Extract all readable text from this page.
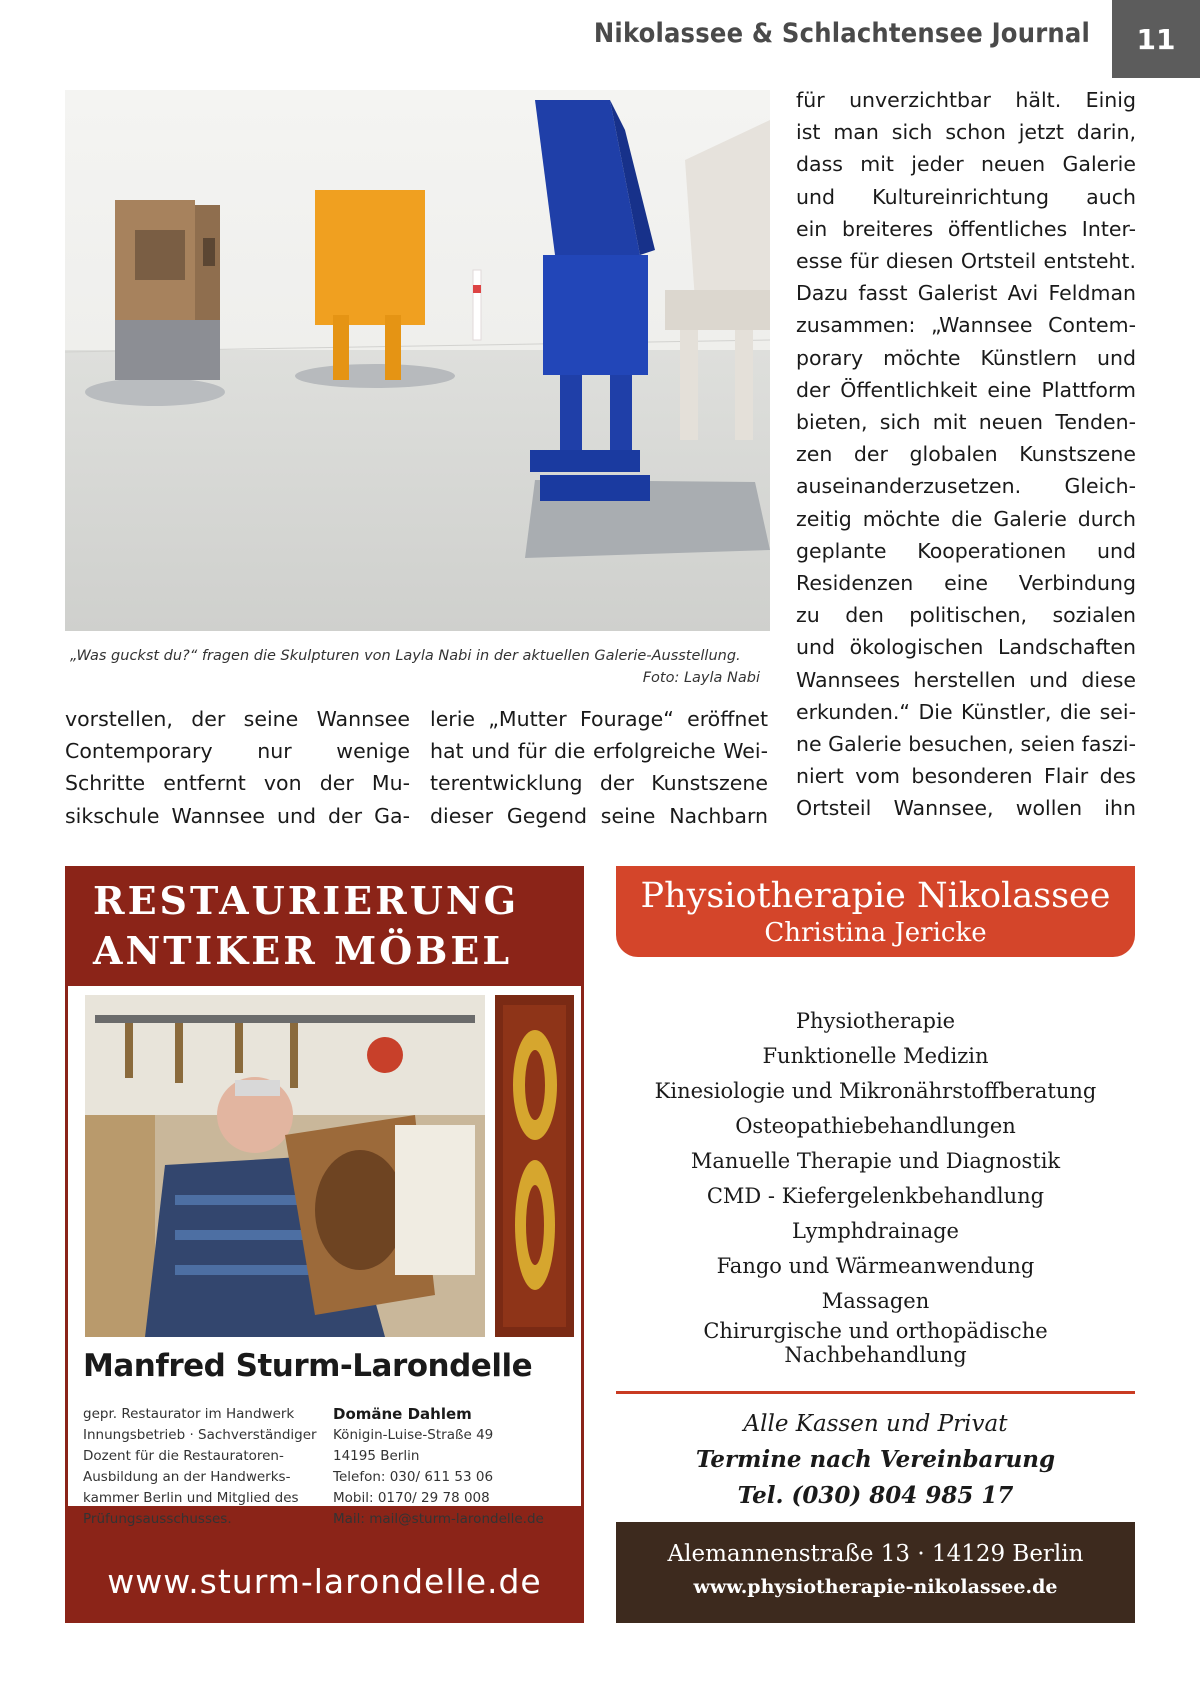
Nikolassee & Schlachtensee Journal	11
„Was guckst du?“ fragen die Skulpturen von Layla Nabi in der aktuellen Galerie-Ausstellung.
Foto: Layla Nabi
vorstellen, der seine Wannsee
Contemporary nur wenige
Schritte entfernt von der Mu-
sikschule Wannsee und der Ga-
lerie „Mutter Fourage“ eröffnet
hat und für die erfolgreiche Wei-
terentwicklung der Kunstszene
dieser Gegend seine Nachbarn
für unverzichtbar hält. Einig
ist man sich schon jetzt darin,
dass mit jeder neuen Galerie
und Kultureinrichtung auch
ein breiteres öffentliches Inter-
esse für diesen Ortsteil entsteht.
Dazu fasst Galerist Avi Feldman
zusammen: „Wannsee Contem-
porary möchte Künstlern und
der Öffentlichkeit eine Plattform
bieten, sich mit neuen Tenden-
zen der globalen Kunstszene
auseinanderzusetzen. Gleich-
zeitig möchte die Galerie durch
geplante Kooperationen und
Residenzen eine Verbindung
zu den politischen, sozialen
und ökologischen Landschaften
Wannsees herstellen und diese
erkunden.“ Die Künstler, die sei-
ne Galerie besuchen, seien faszi-
niert vom besonderen Flair des
Ortsteil Wannsee, wollen ihn
RESTAURIERUNG
ANTIKER MÖBEL
Manfred Sturm-Larondelle
gepr. Restaurator im Handwerk
Innungsbetrieb · Sachverständiger
Dozent für die Restauratoren-
Ausbildung an der Handwerks-
kammer Berlin und Mitglied des
Prüfungsausschusses.
Domäne Dahlem
Königin-Luise-Straße 49
14195 Berlin
Telefon: 030/ 611 53 06
Mobil: 0170/ 29 78 008
Mail: mail@sturm-larondelle.de
www.sturm-larondelle.de
Physiotherapie Nikolassee
Christina Jericke
Physiotherapie
Funktionelle Medizin
Kinesiologie und Mikronährstoffberatung
Osteopathiebehandlungen
Manuelle Therapie und Diagnostik
CMD - Kiefergelenkbehandlung
Lymphdrainage
Fango und Wärmeanwendung
Massagen
Chirurgische und orthopädische
Nachbehandlung
Alle Kassen und Privat
Termine nach Vereinbarung
Tel. (030) 804 985 17
Alemannenstraße 13 · 14129 Berlin
www.physiotherapie-nikolassee.de
